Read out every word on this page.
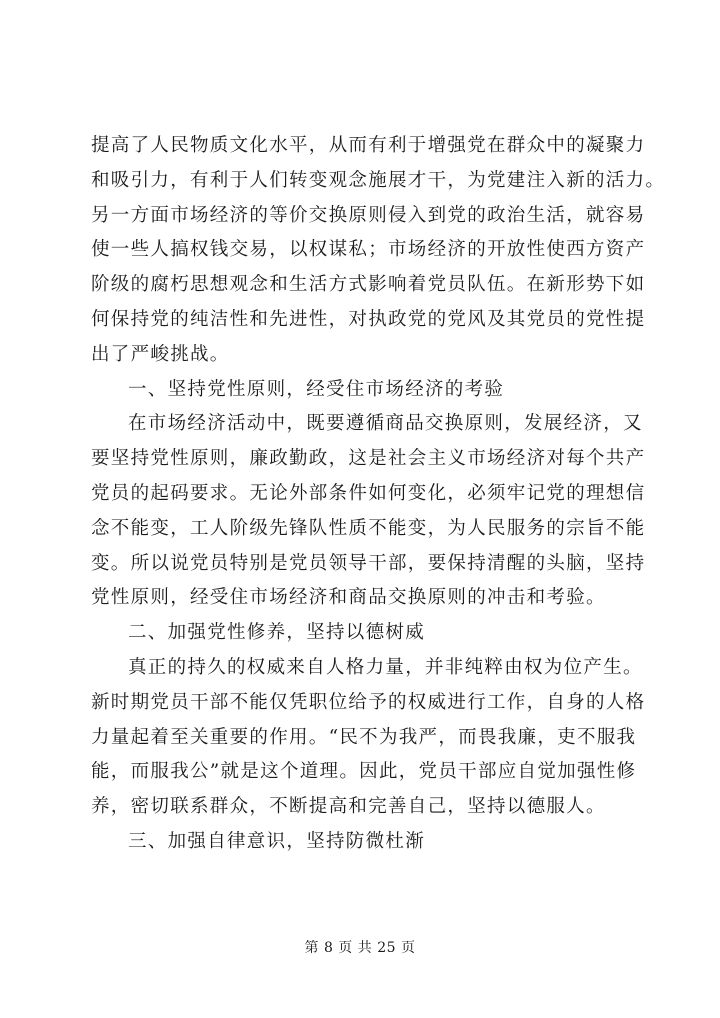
提高了人民物质文化水平，从而有利于增强党在群众中的凝聚力
和吸引力，有利于人们转变观念施展才干，为党建注入新的活力。
另一方面市场经济的等价交换原则侵入到党的政治生活，就容易
使一些人搞权钱交易，以权谋私；市场经济的开放性使西方资产
阶级的腐朽思想观念和生活方式影响着党员队伍。在新形势下如
何保持党的纯洁性和先进性，对执政党的党风及其党员的党性提
出了严峻挑战。
一、坚持党性原则，经受住市场经济的考验
在市场经济活动中，既要遵循商品交换原则，发展经济，又
要坚持党性原则，廉政勤政，这是社会主义市场经济对每个共产
党员的起码要求。无论外部条件如何变化，必须牢记党的理想信
念不能变，工人阶级先锋队性质不能变，为人民服务的宗旨不能
变。所以说党员特别是党员领导干部，要保持清醒的头脑，坚持
党性原则，经受住市场经济和商品交换原则的冲击和考验。
二、加强党性修养，坚持以德树威
真正的持久的权威来自人格力量，并非纯粹由权为位产生。
新时期党员干部不能仅凭职位给予的权威进行工作，自身的人格
力量起着至关重要的作用。“民不为我严，而畏我廉，吏不服我
能，而服我公”就是这个道理。因此，党员干部应自觉加强性修
养，密切联系群众，不断提高和完善自己，坚持以德服人。
三、加强自律意识，坚持防微杜渐
第 8 页 共 25 页
